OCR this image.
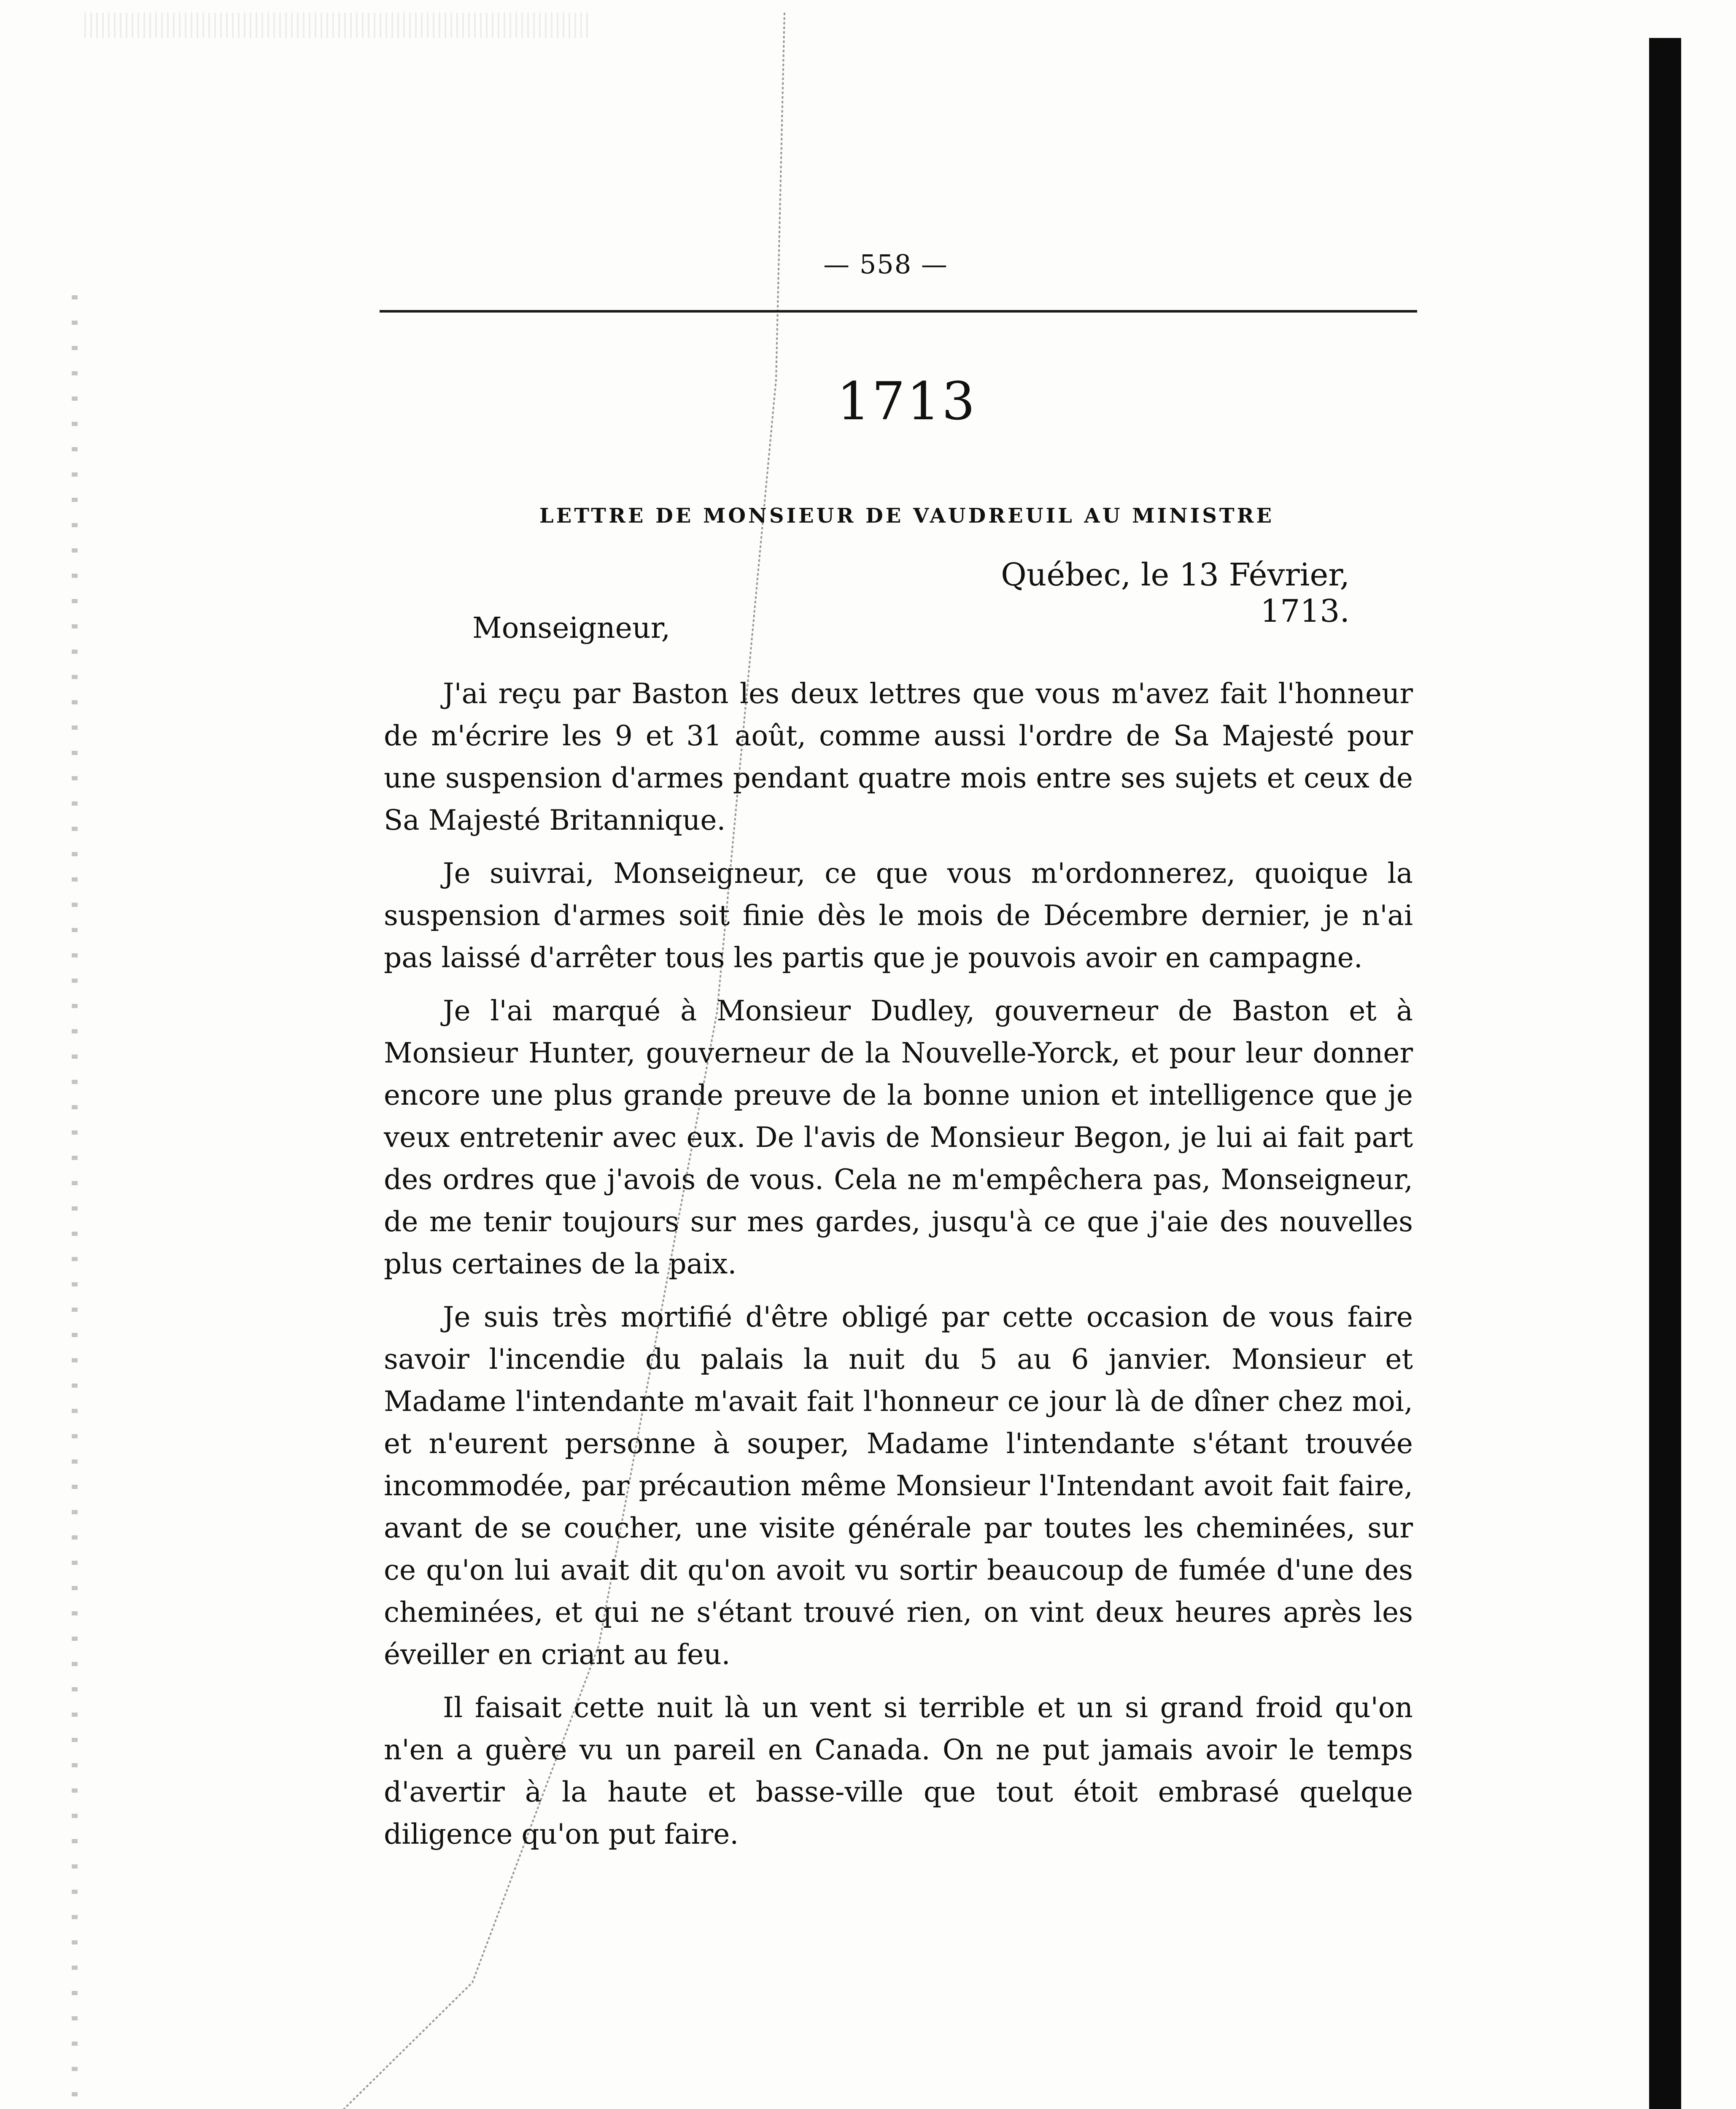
— 558 —
1713
LETTRE DE MONSIEUR DE VAUDREUIL AU MINISTRE
Québec, le 13 Février, 1713.
Monseigneur,

J'ai reçu par Baston les deux lettres que vous m'avez fait l'honneur de m'écrire les 9 et 31 août, comme aussi l'ordre de Sa Majesté pour une suspension d'armes pendant quatre mois entre ses sujets et ceux de Sa Majesté Britannique.

Je suivrai, Monseigneur, ce que vous m'ordonnerez, quoique la suspension d'armes soit finie dès le mois de Décembre dernier, je n'ai pas laissé d'arrêter tous les partis que je pouvois avoir en campagne.

Je l'ai marqué à Monsieur Dudley, gouverneur de Baston et à Monsieur Hunter, gouverneur de la Nouvelle-Yorck, et pour leur donner encore une plus grande preuve de la bonne union et intelligence que je veux entretenir avec eux. De l'avis de Monsieur Begon, je lui ai fait part des ordres que j'avois de vous. Cela ne m'empêchera pas, Monseigneur, de me tenir toujours sur mes gardes, jusqu'à ce que j'aie des nouvelles plus certaines de la paix.

Je suis très mortifié d'être obligé par cette occasion de vous faire savoir l'incendie du palais la nuit du 5 au 6 janvier. Monsieur et Madame l'intendante m'avait fait l'honneur ce jour là de dîner chez moi, et n'eurent personne à souper, Madame l'intendante s'étant trouvée incommodée, par précaution même Monsieur l'Intendant avoit fait faire, avant de se coucher, une visite générale par toutes les cheminées, sur ce qu'on lui avait dit qu'on avoit vu sortir beaucoup de fumée d'une des cheminées, et qui ne s'étant trouvé rien, on vint deux heures après les éveiller en criant au feu.

Il faisait cette nuit là un vent si terrible et un si grand froid qu'on n'en a guère vu un pareil en Canada. On ne put jamais avoir le temps d'avertir à la haute et basse-ville que tout étoit embrasé quelque diligence qu'on put faire.
